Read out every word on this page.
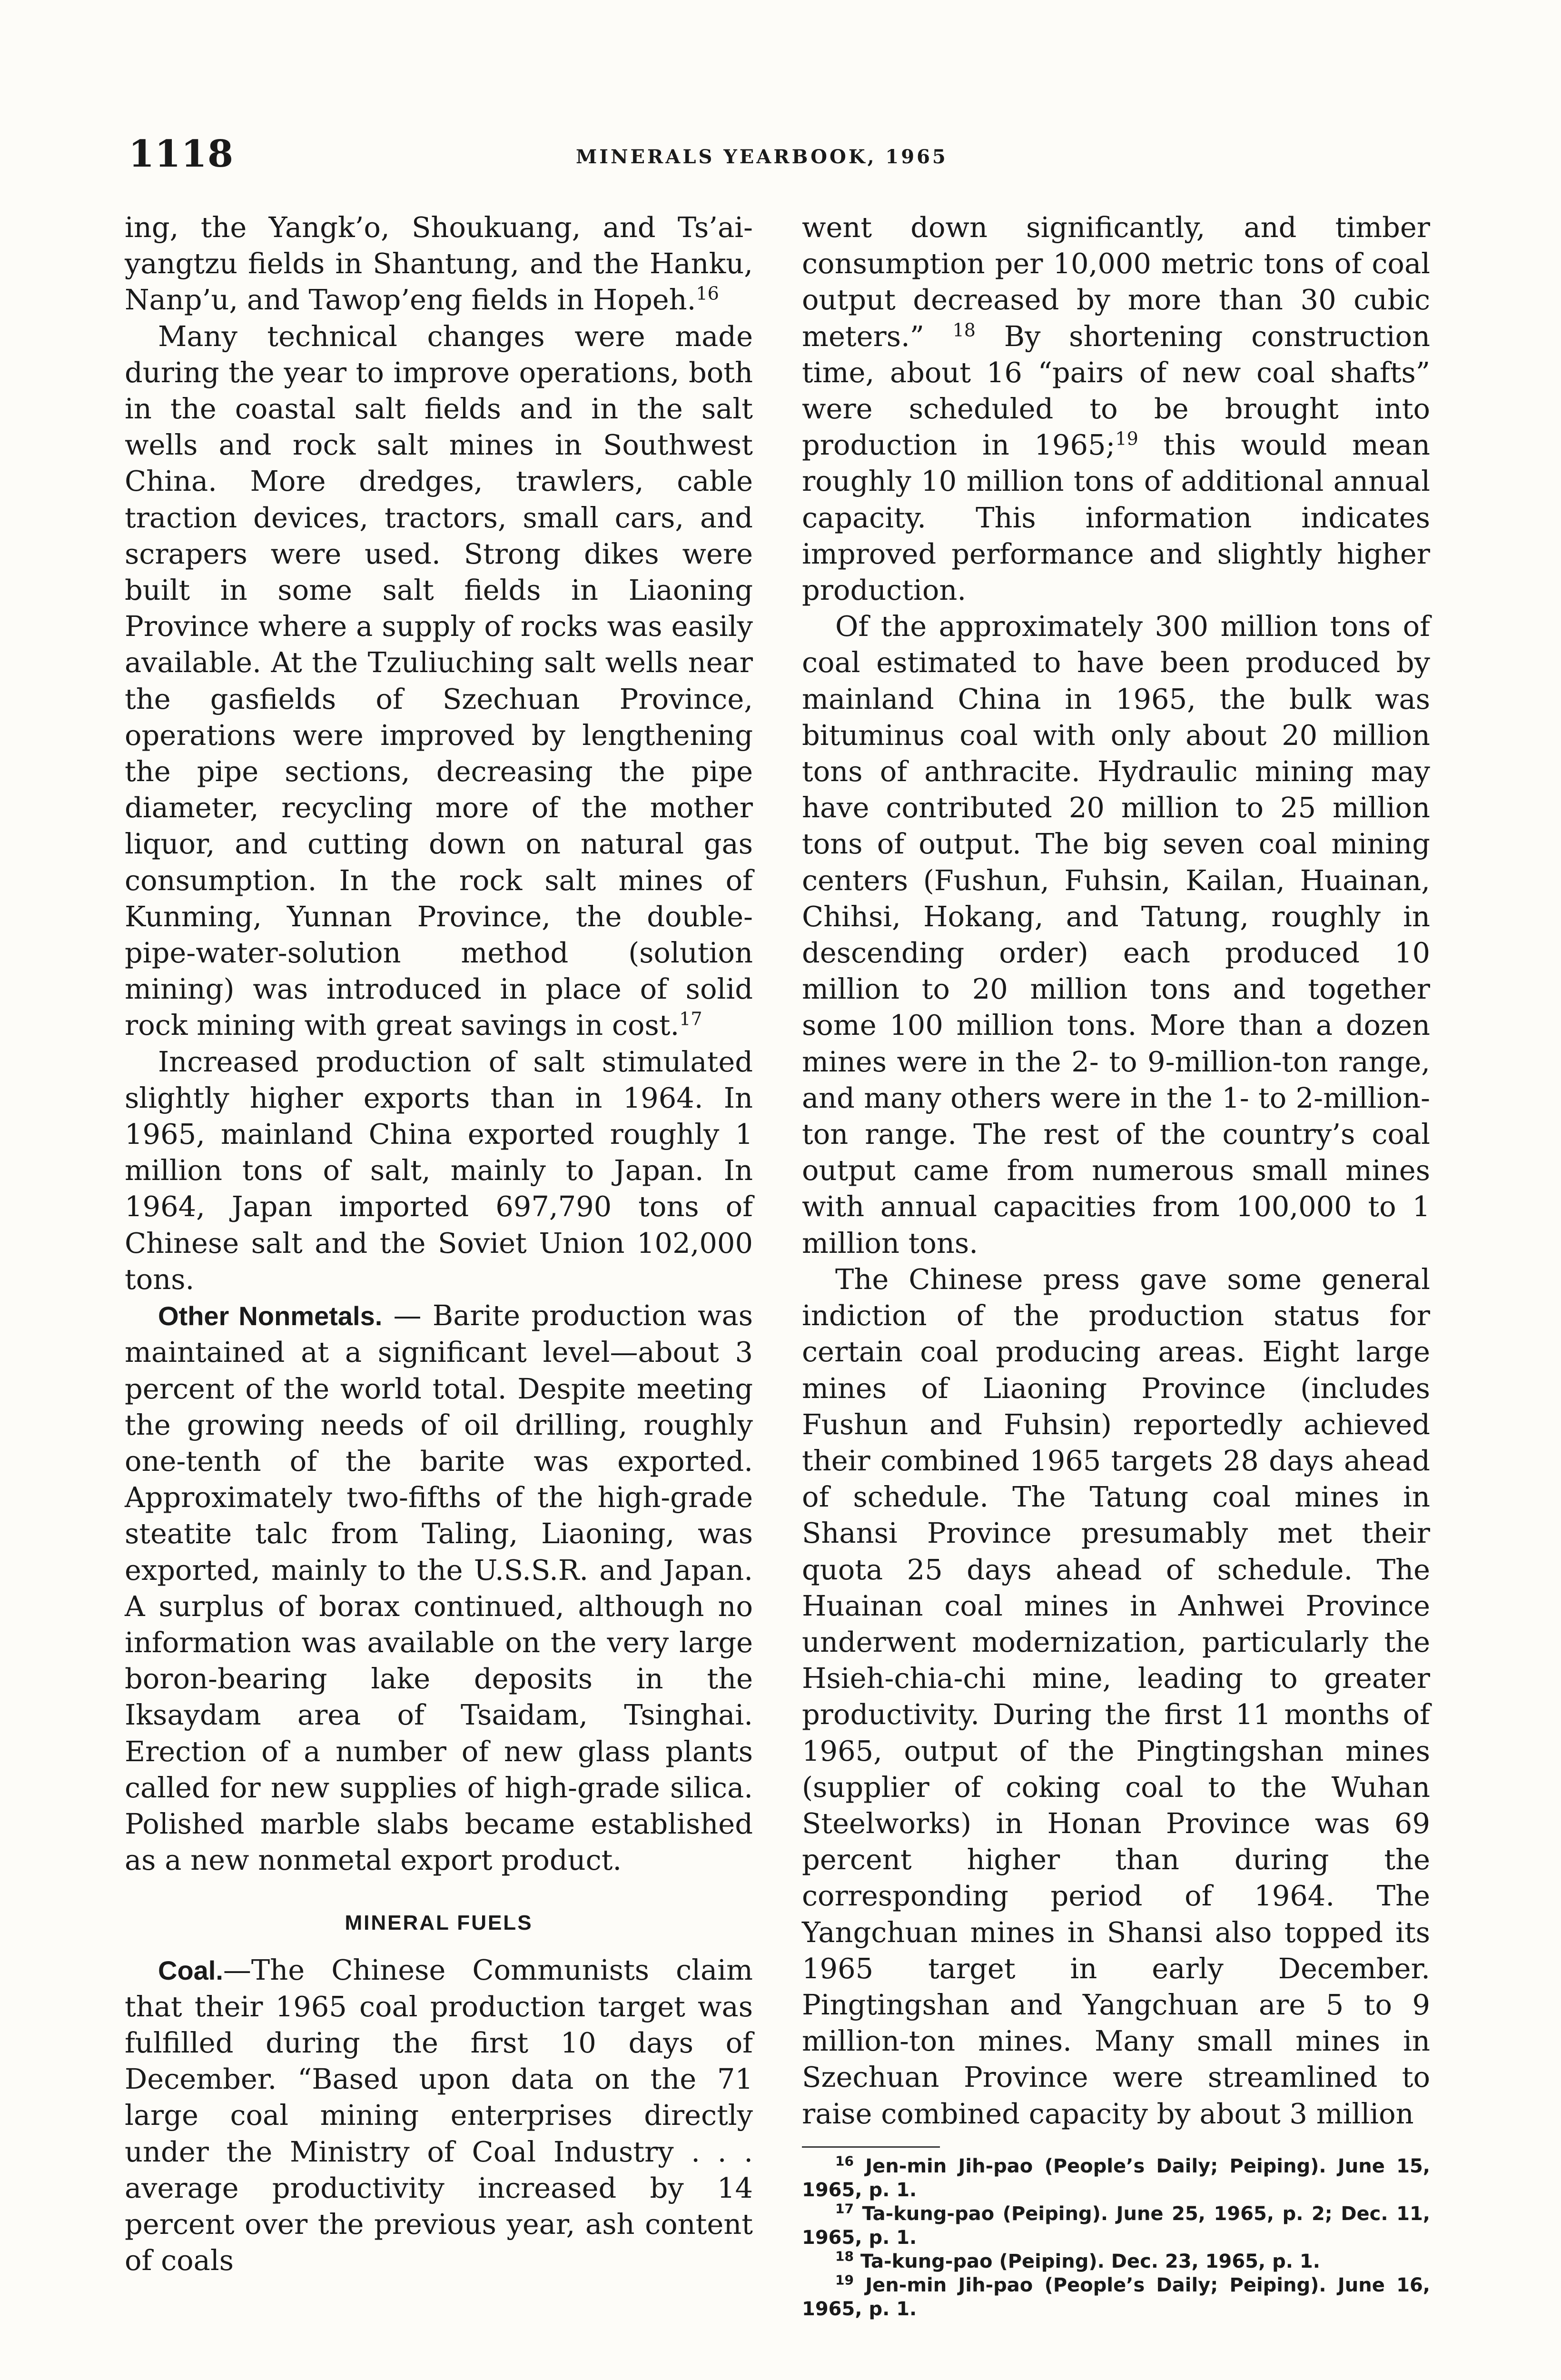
1118	MINERALS YEARBOOK, 1965

ing, the Yangk’o, Shoukuang, and Ts’ai-yangtzu fields in Shantung, and the Hanku, Nanp’u, and Tawop’eng fields in Hopeh.$^{16}$

Many technical changes were made during the year to improve operations, both in the coastal salt fields and in the salt wells and rock salt mines in Southwest China. More dredges, trawlers, cable traction devices, tractors, small cars, and scrapers were used. Strong dikes were built in some salt fields in Liaoning Province where a supply of rocks was easily available. At the Tzuliuching salt wells near the gasfields of Szechuan Province, operations were improved by lengthening the pipe sections, decreasing the pipe diameter, recycling more of the mother liquor, and cutting down on natural gas consumption. In the rock salt mines of Kunming, Yunnan Province, the double-pipe-water-solution method (solution mining) was introduced in place of solid rock mining with great savings in cost.$^{17}$

Increased production of salt stimulated slightly higher exports than in 1964. In 1965, mainland China exported roughly 1 million tons of salt, mainly to Japan. In 1964, Japan imported 697,790 tons of Chinese salt and the Soviet Union 102,000 tons.

Other Nonmetals. — Barite production was maintained at a significant level—about 3 percent of the world total. Despite meeting the growing needs of oil drilling, roughly one-tenth of the barite was exported. Approximately two-fifths of the high-grade steatite talc from Taling, Liaoning, was exported, mainly to the U.S.S.R. and Japan. A surplus of borax continued, although no information was available on the very large boron-bearing lake deposits in the Iksaydam area of Tsaidam, Tsinghai. Erection of a number of new glass plants called for new supplies of high-grade silica. Polished marble slabs became established as a new nonmetal export product.

MINERAL FUELS

Coal.—The Chinese Communists claim that their 1965 coal production target was fulfilled during the first 10 days of December. “Based upon data on the 71 large coal mining enterprises directly under the Ministry of Coal Industry . . . average productivity increased by 14 percent over the previous year, ash content of coals

went down significantly, and timber consumption per 10,000 metric tons of coal output decreased by more than 30 cubic meters.” $^{18}$ By shortening construction time, about 16 “pairs of new coal shafts” were scheduled to be brought into production in 1965;$^{19}$ this would mean roughly 10 million tons of additional annual capacity. This information indicates improved performance and slightly higher production.

Of the approximately 300 million tons of coal estimated to have been produced by mainland China in 1965, the bulk was bituminus coal with only about 20 million tons of anthracite. Hydraulic mining may have contributed 20 million to 25 million tons of output. The big seven coal mining centers (Fushun, Fuhsin, Kailan, Huainan, Chihsi, Hokang, and Tatung, roughly in descending order) each produced 10 million to 20 million tons and together some 100 million tons. More than a dozen mines were in the 2- to 9-million-ton range, and many others were in the 1- to 2-million-ton range. The rest of the country’s coal output came from numerous small mines with annual capacities from 100,000 to 1 million tons.

The Chinese press gave some general indiction of the production status for certain coal producing areas. Eight large mines of Liaoning Province (includes Fushun and Fuhsin) reportedly achieved their combined 1965 targets 28 days ahead of schedule. The Tatung coal mines in Shansi Province presumably met their quota 25 days ahead of schedule. The Huainan coal mines in Anhwei Province underwent modernization, particularly the Hsieh-chia-chi mine, leading to greater productivity. During the first 11 months of 1965, output of the Pingtingshan mines (supplier of coking coal to the Wuhan Steelworks) in Honan Province was 69 percent higher than during the corresponding period of 1964. The Yangchuan mines in Shansi also topped its 1965 target in early December. Pingtingshan and Yangchuan are 5 to 9 million-ton mines. Many small mines in Szechuan Province were streamlined to raise combined capacity by about 3 million

$^{16}$ Jen-min Jih-pao (People’s Daily; Peiping). June 15, 1965, p. 1.

$^{17}$ Ta-kung-pao (Peiping). June 25, 1965, p. 2; Dec. 11, 1965, p. 1.

$^{18}$ Ta-kung-pao (Peiping). Dec. 23, 1965, p. 1.

$^{19}$ Jen-min Jih-pao (People’s Daily; Peiping). June 16, 1965, p. 1.
